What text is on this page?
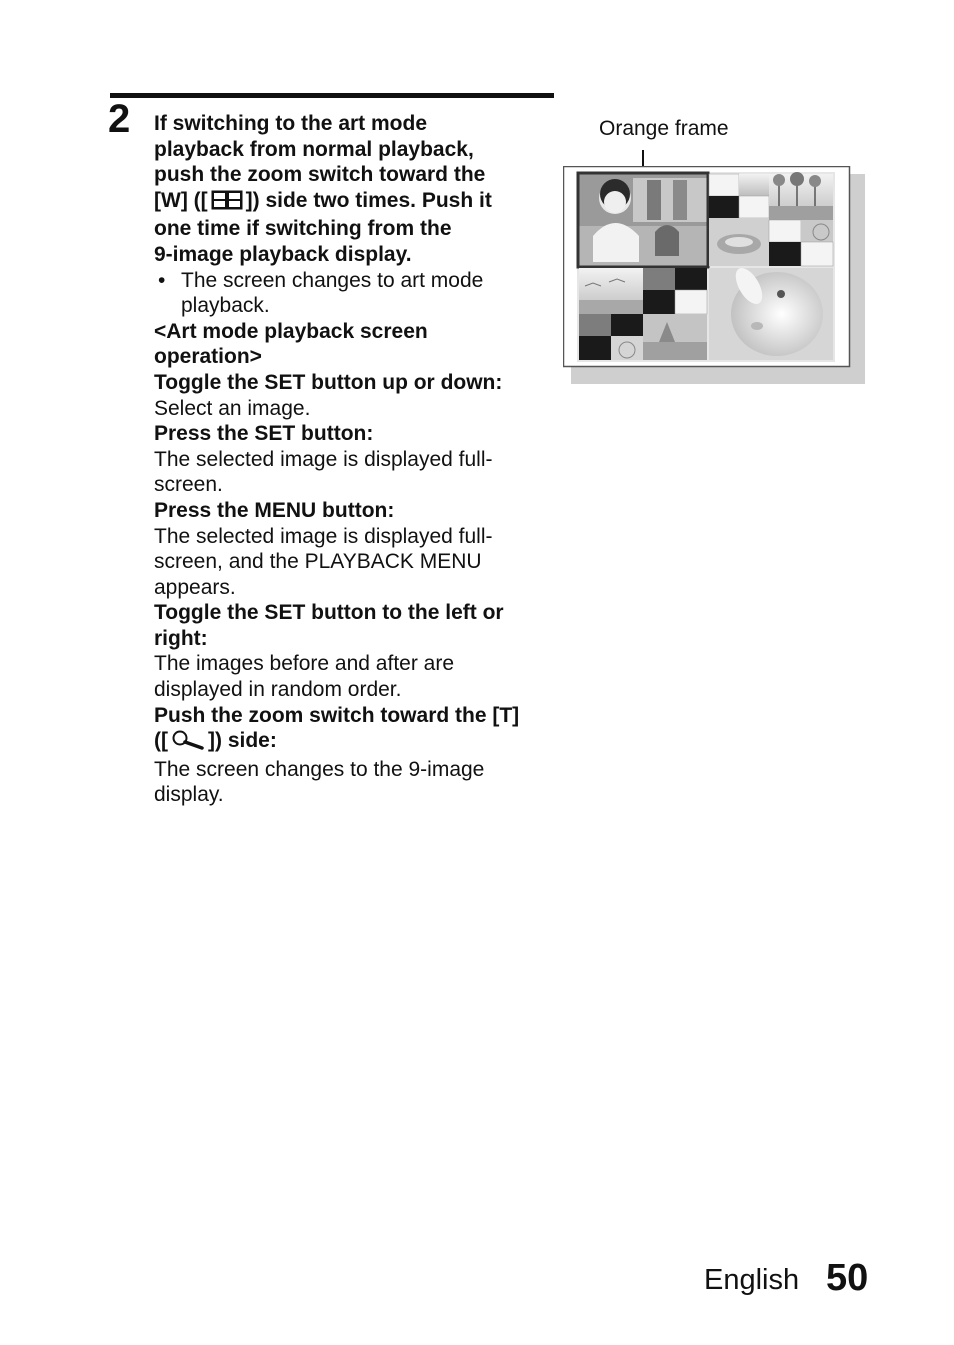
2 If switching to the art mode
playback from normal playback,
push the zoom switch toward the
[W] ([ ]) side two times. Push it
one time if switching from the
9-image playback display.
• The screen changes to art mode
playback.
<Art mode playback screen
operation>
Toggle the SET button up or down:
Select an image.
Press the SET button:
The selected image is displayed full-
screen.
Press the MENU button:
The selected image is displayed full-
screen, and the PLAYBACK MENU
appears.
Toggle the SET button to the left or
right:
The images before and after are
displayed in random order.
Push the zoom switch toward the [T]
([ ]) side:
The screen changes to the 9-image
display.
Orange frame
English 50
